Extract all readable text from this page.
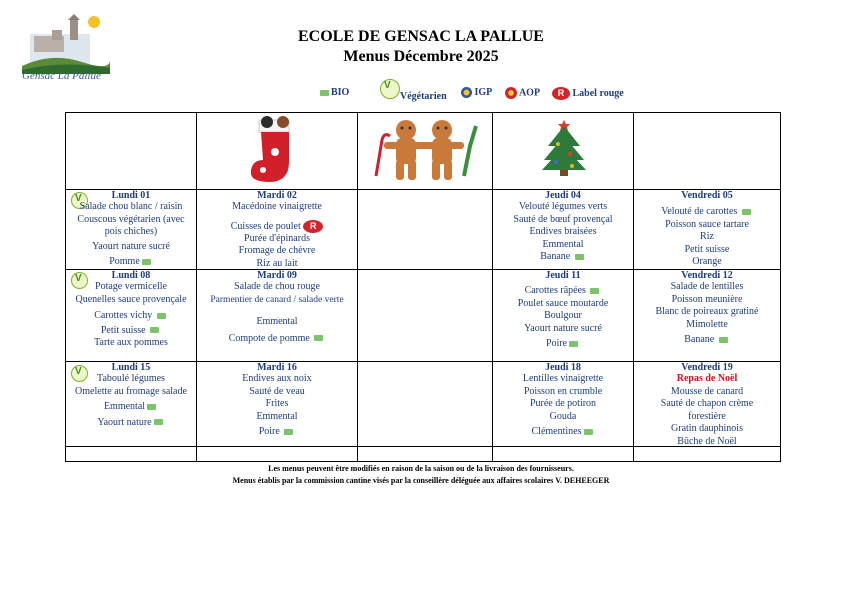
Gensac La Pallue
ECOLE DE GENSAC LA PALLUE
Menus Décembre 2025
BIO
V	Végétarien	IGP	AOP	R Label rouge
V
Lundi 01
Salade chou blanc / raisin
Couscous végétarien (avec pois chiches)
Yaourt nature sucré
Pomme
Mardi 02
Macédoine vinaigrette
Cuisses de poulet R
Purée d'épinards
Fromage de chèvre
Riz au lait
Jeudi 04
Velouté légumes verts
Sauté de bœuf provençal
Endives braisées
Emmental
Banane
Vendredi 05
Velouté de carottes
Poisson sauce tartare
Riz
Petit suisse
Orange
V
Lundi 08
Potage vermicelle
Quenelles sauce provençale
Carottes vichy
Petit suisse
Tarte aux pommes
Mardi 09
Salade de chou rouge
Parmentier de canard / salade verte
Emmental
Compote de pomme
Jeudi 11
Carottes râpées
Poulet sauce moutarde
Boulgour
Yaourt nature sucré
Poire
Vendredi 12
Salade de lentilles
Poisson meunière
Blanc de poireaux gratiné
Mimolette
Banane
V
Lundi 15
Taboulé légumes
Omelette au fromage salade
Emmental
Yaourt nature
Mardi 16
Endives aux noix
Sauté de veau
Frites
Emmental
Poire
Jeudi 18
Lentilles vinaigrette
Poisson en crumble
Purée de potiron
Gouda
Clémentines
Vendredi 19
Repas de Noël
Mousse de canard
Sauté de chapon crème forestière
Gratin dauphinois
Bûche de Noël
Les menus peuvent être modifiés en raison de la saison ou de la livraison des fournisseurs.
Menus établis par la commission cantine visés par la conseillère déléguée aux affaires scolaires V. DEHEEGER
